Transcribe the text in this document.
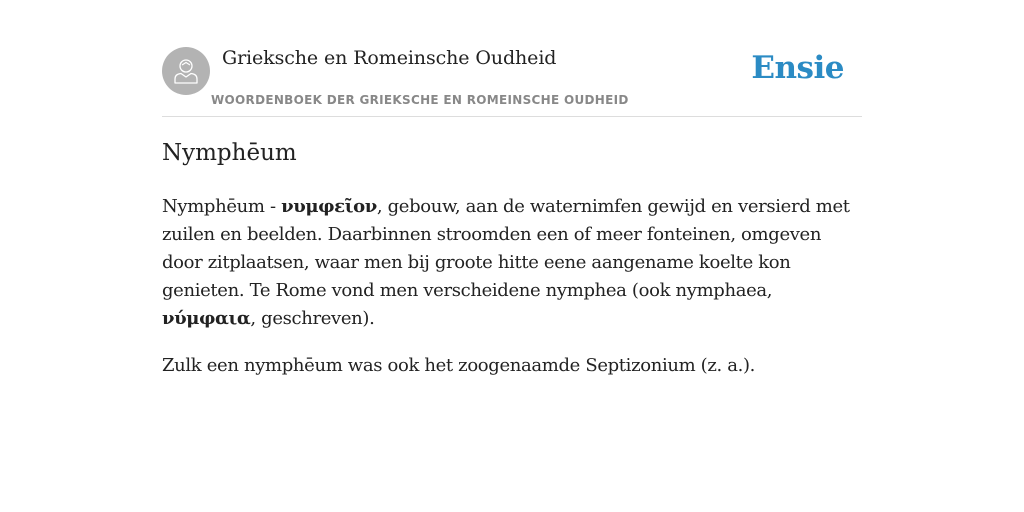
Grieksche en Romeinsche Oudheid
WOORDENBOEK DER GRIEKSCHE EN ROMEINSCHE OUDHEID
Ensie
Nymphēum

Nymphēum - νυμφεῖον, gebouw, aan de waternimfen gewijd en versierd met zuilen en beelden. Daarbinnen stroomden een of meer fonteinen, omgeven door zitplaatsen, waar men bij groote hitte eene aangename koelte kon genieten. Te Rome vond men verscheidene nymphea (ook nymphaea, νύμφαια, geschreven).

Zulk een nymphēum was ook het zoogenaamde Septizonium (z. a.).
